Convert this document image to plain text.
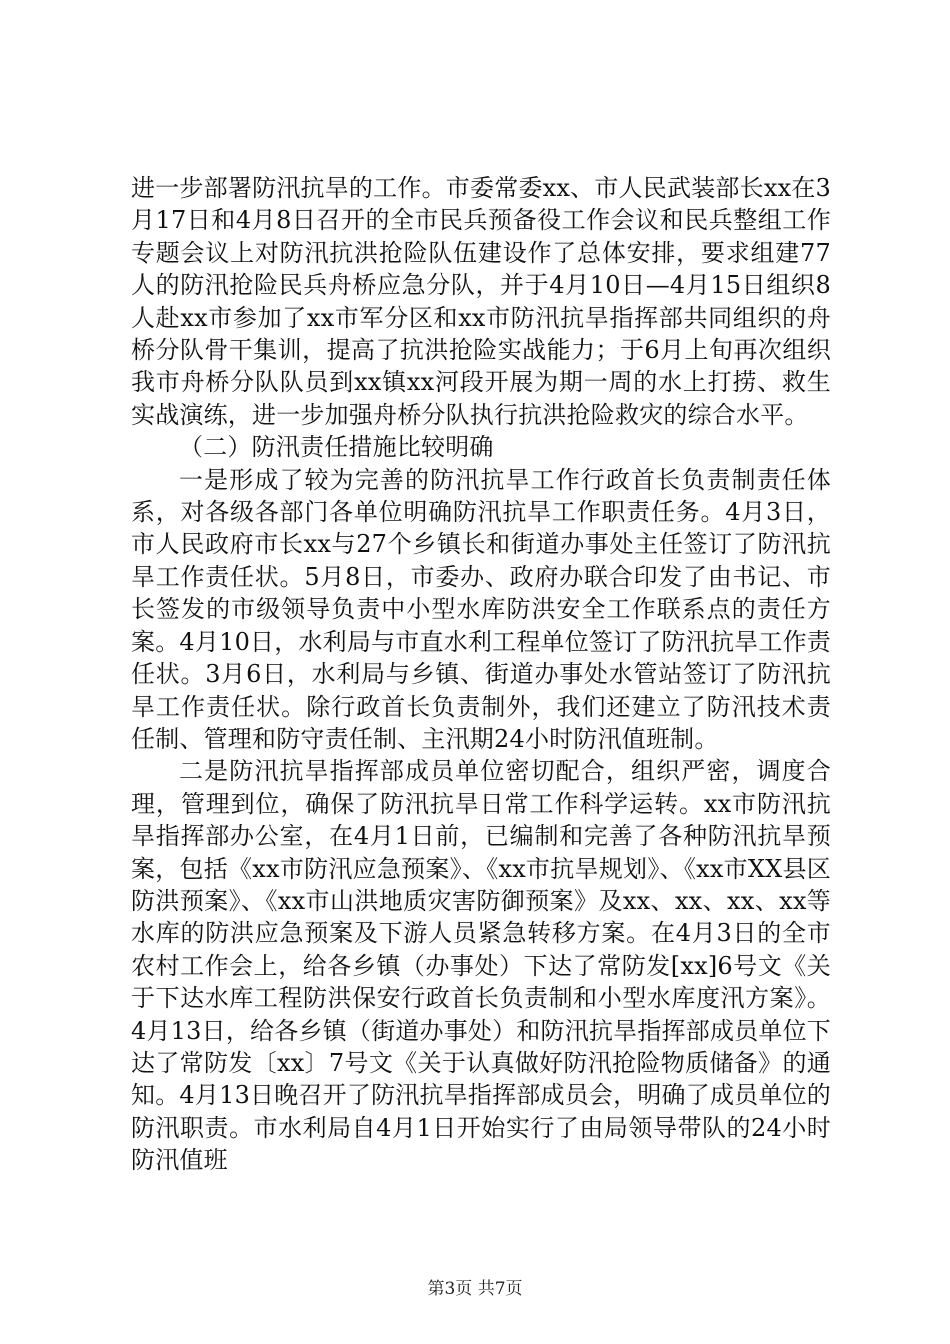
进一步部署防汛抗旱的工作。市委常委xx、市人民武装部长xx在3月17日和4月8日召开的全市民兵预备役工作会议和民兵整组工作专题会议上对防汛抗洪抢险队伍建设作了总体安排，要求组建77人的防汛抢险民兵舟桥应急分队，并于4月10日—4月15日组织8人赴xx市参加了xx市军分区和xx市防汛抗旱指挥部共同组织的舟桥分队骨干集训，提高了抗洪抢险实战能力；于6月上旬再次组织我市舟桥分队队员到xx镇xx河段开展为期一周的水上打捞、救生实战演练，进一步加强舟桥分队执行抗洪抢险救灾的综合水平。

（二）防汛责任措施比较明确

一是形成了较为完善的防汛抗旱工作行政首长负责制责任体系，对各级各部门各单位明确防汛抗旱工作职责任务。4月3日，市人民政府市长xx与27个乡镇长和街道办事处主任签订了防汛抗旱工作责任状。5月8日，市委办、政府办联合印发了由书记、市长签发的市级领导负责中小型水库防洪安全工作联系点的责任方案。4月10日，水利局与市直水利工程单位签订了防汛抗旱工作责任状。3月6日，水利局与乡镇、街道办事处水管站签订了防汛抗旱工作责任状。除行政首长负责制外，我们还建立了防汛技术责任制、管理和防守责任制、主汛期24小时防汛值班制。

二是防汛抗旱指挥部成员单位密切配合，组织严密，调度合理，管理到位，确保了防汛抗旱日常工作科学运转。xx市防汛抗旱指挥部办公室，在4月1日前，已编制和完善了各种防汛抗旱预案，包括《xx市防汛应急预案》、《xx市抗旱规划》、《xx市XX县区防洪预案》、《xx市山洪地质灾害防御预案》及xx、xx、xx、xx等水库的防洪应急预案及下游人员紧急转移方案。在4月3日的全市农村工作会上，给各乡镇（办事处）下达了常防发[xx]6号文《关于下达水库工程防洪保安行政首长负责制和小型水库度汛方案》。4月13日，给各乡镇（街道办事处）和防汛抗旱指挥部成员单位下达了常防发〔xx〕7号文《关于认真做好防汛抢险物质储备》的通知。4月13日晚召开了防汛抗旱指挥部成员会，明确了成员单位的防汛职责。市水利局自4月1日开始实行了由局领导带队的24小时防汛值班

第3页 共7页
